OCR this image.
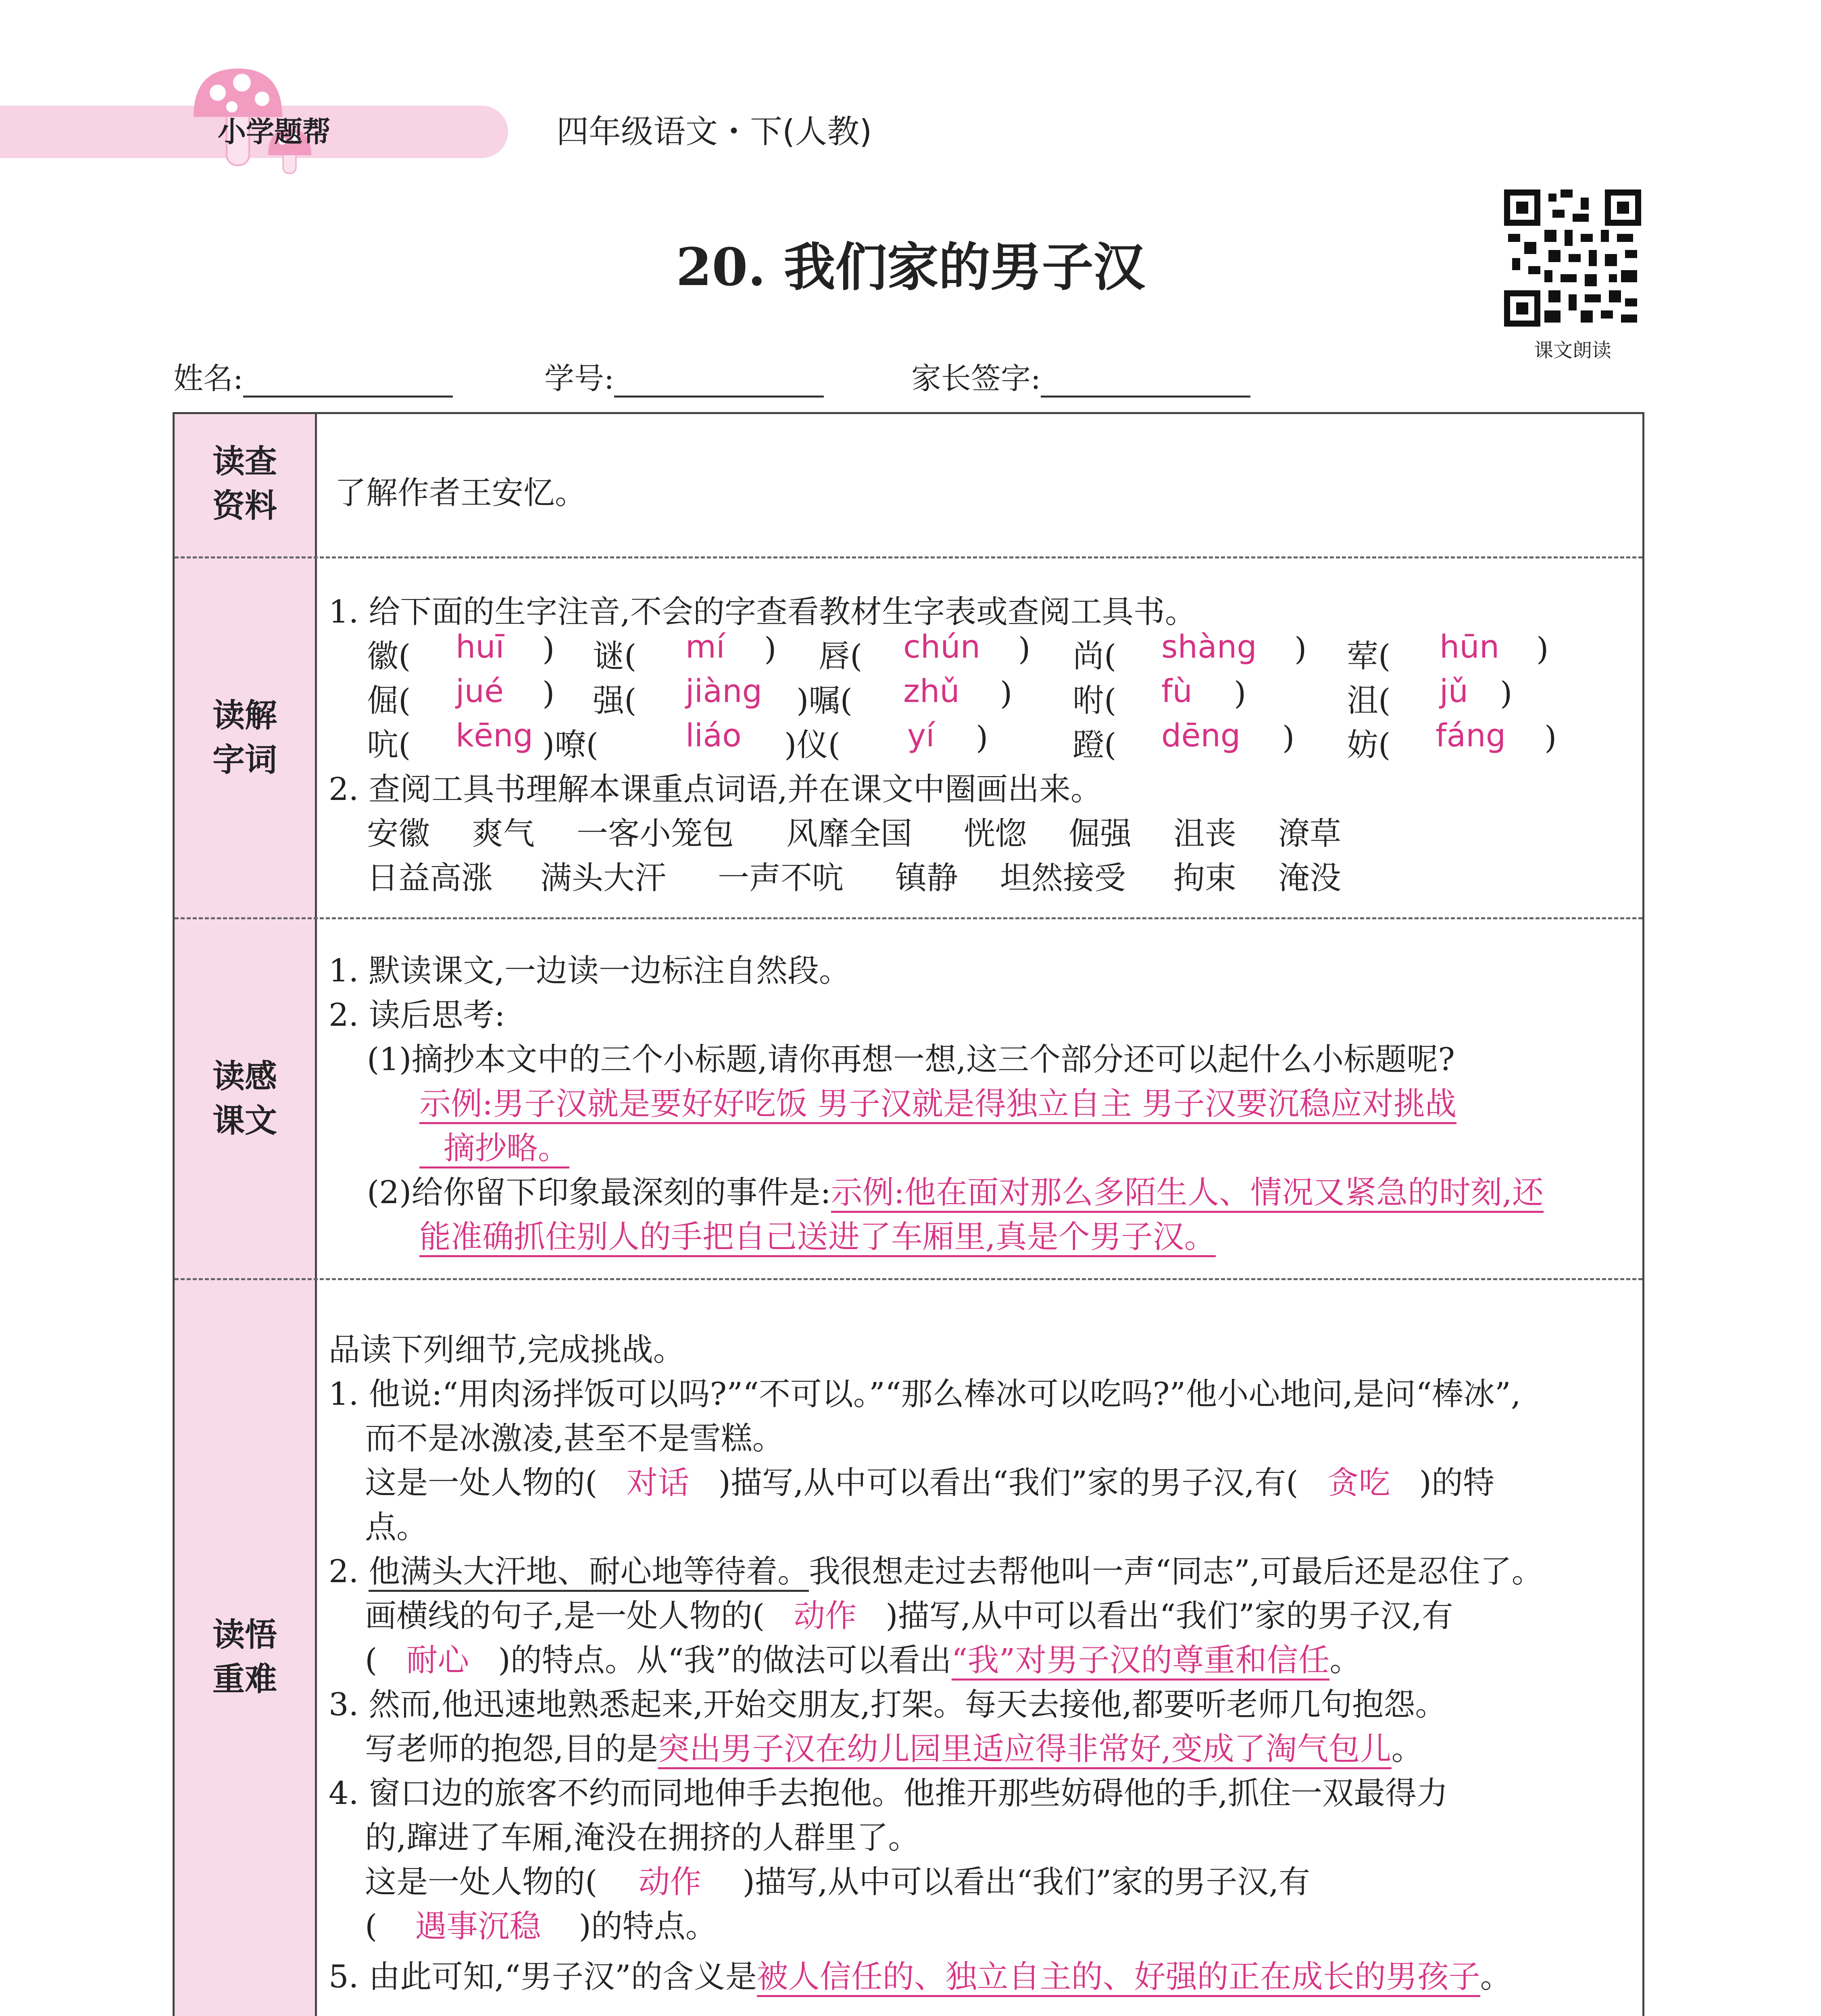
小学题帮	四年级语文・下(人教)
20. 我们家的男子汉
课文朗读
姓名:	学号:	家长签字:
读查
资料	了解作者王安忆。
读解
字词
1. 给下面的生字注音,不会的字查看教材生字表或查阅工具书。
徽( huī ) 谜( mí ) 唇( chún ) 尚( shàng ) 荤( hūn )
倔( jué ) 强( jiàng )嘱( zhǔ ) 咐( fù )	沮( jǔ )
吭( kēng )嘹(	liáo )仪( yí )	蹬( dēng ) 妨( fáng )
2. 查阅工具书理解本课重点词语,并在课文中圈画出来。
安徽 爽气 一客小笼包 风靡全国 恍惚 倔强 沮丧 潦草
日益高涨 满头大汗 一声不吭 镇静 坦然接受 拘束 淹没
读感
课文
1. 默读课文,一边读一边标注自然段。
2. 读后思考:
(1)摘抄本文中的三个小标题,请你再想一想,这三个部分还可以起什么小标题呢?
示例:男子汉就是要好好吃饭 男子汉就是得独立自主 男子汉要沉稳应对挑战
摘抄略。
(2)给你留下印象最深刻的事件是:示例:他在面对那么多陌生人、情况又紧急的时刻,还
能准确抓住别人的手把自己送进了车厢里,真是个男子汉。
读悟
重难
品读下列细节,完成挑战。
1. 他说:“用肉汤拌饭可以吗?”“不可以。”“那么棒冰可以吃吗?”他小心地问,是问“棒冰”,
而不是冰激凌,甚至不是雪糕。
这是一处人物的( 对话 )描写,从中可以看出“我们”家的男子汉,有( 贪吃 )的特
点。
2. 他满头大汗地、耐心地等待着。我很想走过去帮他叫一声“同志”,可最后还是忍住了。
画横线的句子,是一处人物的( 动作 )描写,从中可以看出“我们”家的男子汉,有
( 耐心 )的特点。从“我”的做法可以看出“我”对男子汉的尊重和信任。
3. 然而,他迅速地熟悉起来,开始交朋友,打架。每天去接他,都要听老师几句抱怨。
写老师的抱怨,目的是突出男子汉在幼儿园里适应得非常好,变成了淘气包儿。
4. 窗口边的旅客不约而同地伸手去抱他。他推开那些妨碍他的手,抓住一双最得力
的,蹿进了车厢,淹没在拥挤的人群里了。
这是一处人物的( 动作 )描写,从中可以看出“我们”家的男子汉,有
( 遇事沉稳 )的特点。
5. 由此可知,“男子汉”的含义是被人信任的、独立自主的、好强的正在成长的男孩子。
